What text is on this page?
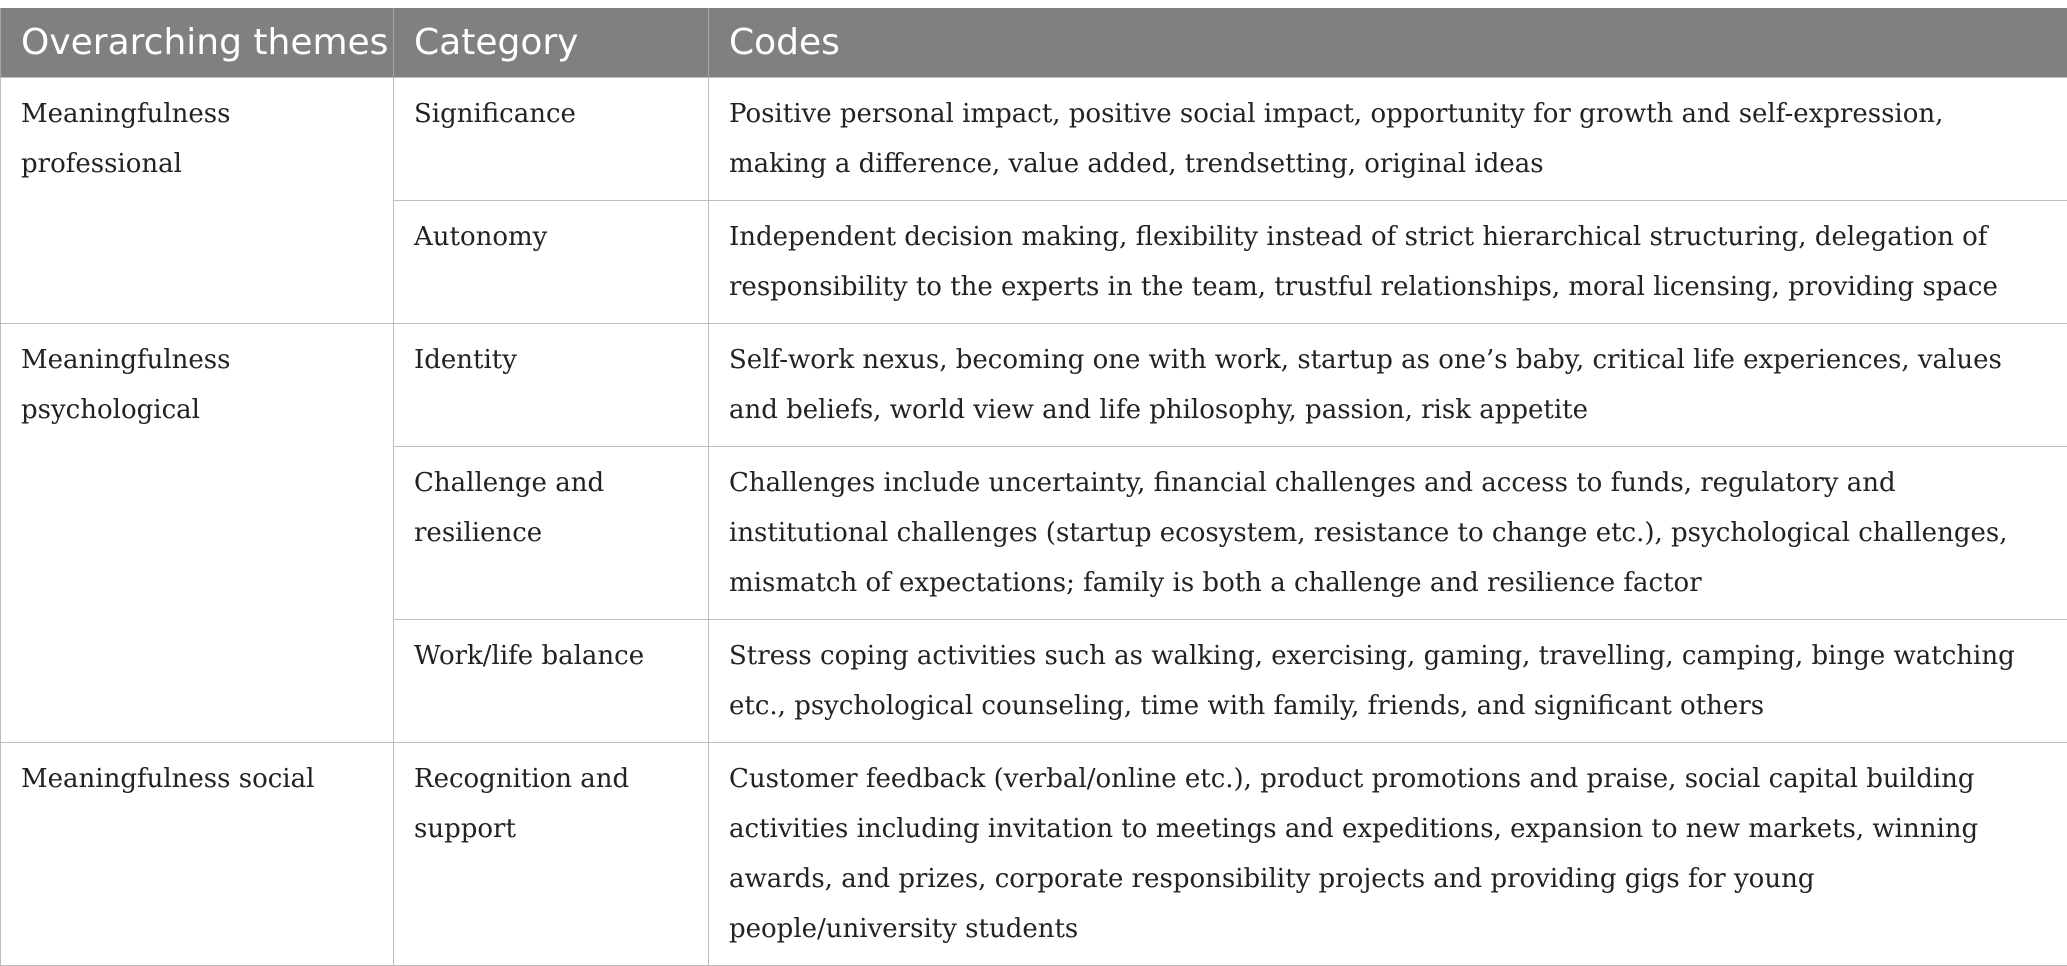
Overarching themes	Category	Codes
Meaningfulness professional	Significance	Positive personal impact, positive social impact, opportunity for growth and self-expression, making a difference, value added, trendsetting, original ideas
	Autonomy	Independent decision making, flexibility instead of strict hierarchical structuring, delegation of responsibility to the experts in the team, trustful relationships, moral licensing, providing space
Meaningfulness psychological	Identity	Self-work nexus, becoming one with work, startup as one’s baby, critical life experiences, values and beliefs, world view and life philosophy, passion, risk appetite
	Challenge and resilience	Challenges include uncertainty, financial challenges and access to funds, regulatory and institutional challenges (startup ecosystem, resistance to change etc.), psychological challenges, mismatch of expectations; family is both a challenge and resilience factor
	Work/life balance	Stress coping activities such as walking, exercising, gaming, travelling, camping, binge watching etc., psychological counseling, time with family, friends, and significant others
Meaningfulness social	Recognition and support	Customer feedback (verbal/online etc.), product promotions and praise, social capital building activities including invitation to meetings and expeditions, expansion to new markets, winning awards, and prizes, corporate responsibility projects and providing gigs for young people/university students
